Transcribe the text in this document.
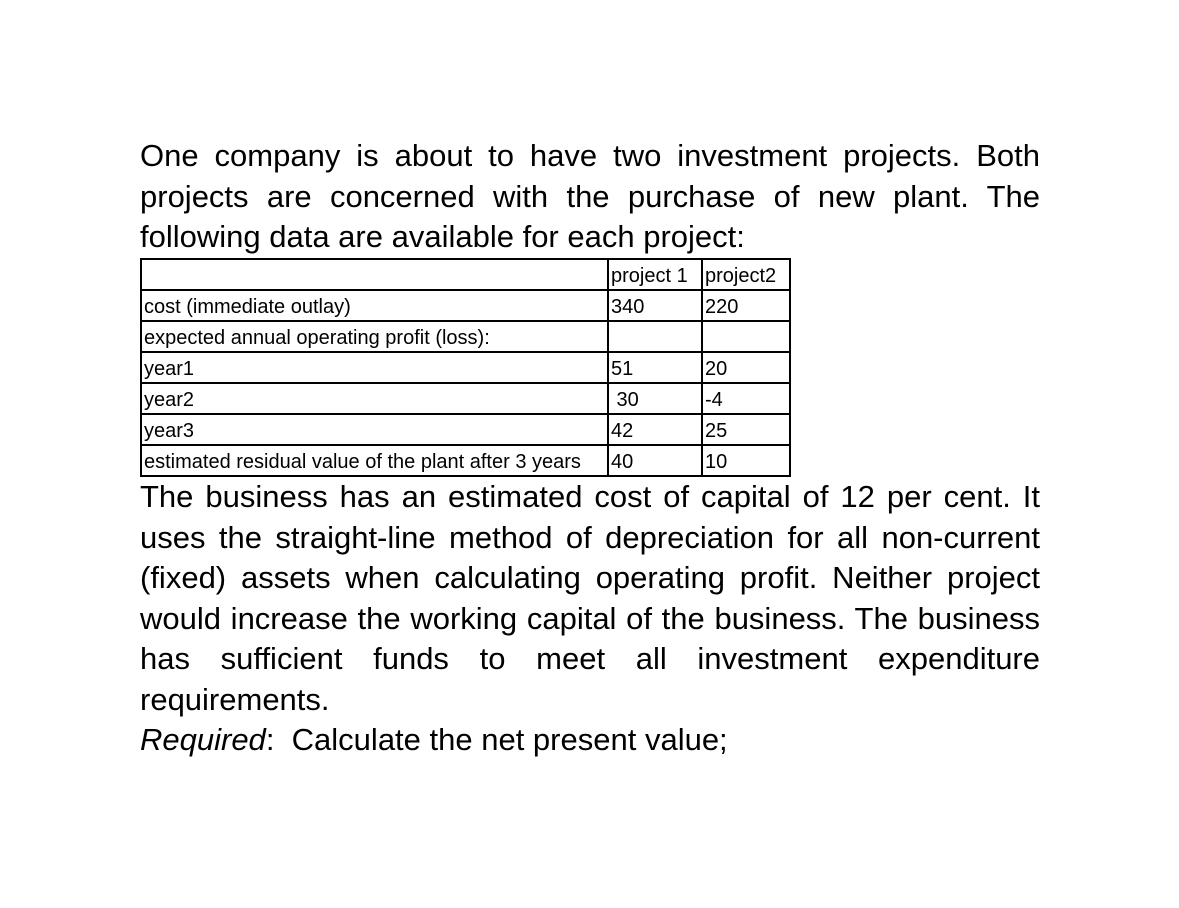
One company is about to have two investment projects. Both projects are concerned with the purchase of new plant. The following data are available for each project:

	project 1	project2
cost (immediate outlay)	340	220
expected annual operating profit (loss):		
year1	51	20
year2	30	-4
year3	42	25
estimated residual value of the plant after 3 years	40	10

The business has an estimated cost of capital of 12 per cent. It uses the straight-line method of depreciation for all non-current (fixed) assets when calculating operating profit. Neither project would increase the working capital of the business. The business has sufficient funds to meet all investment expenditure requirements.

Required: Calculate the net present value;
